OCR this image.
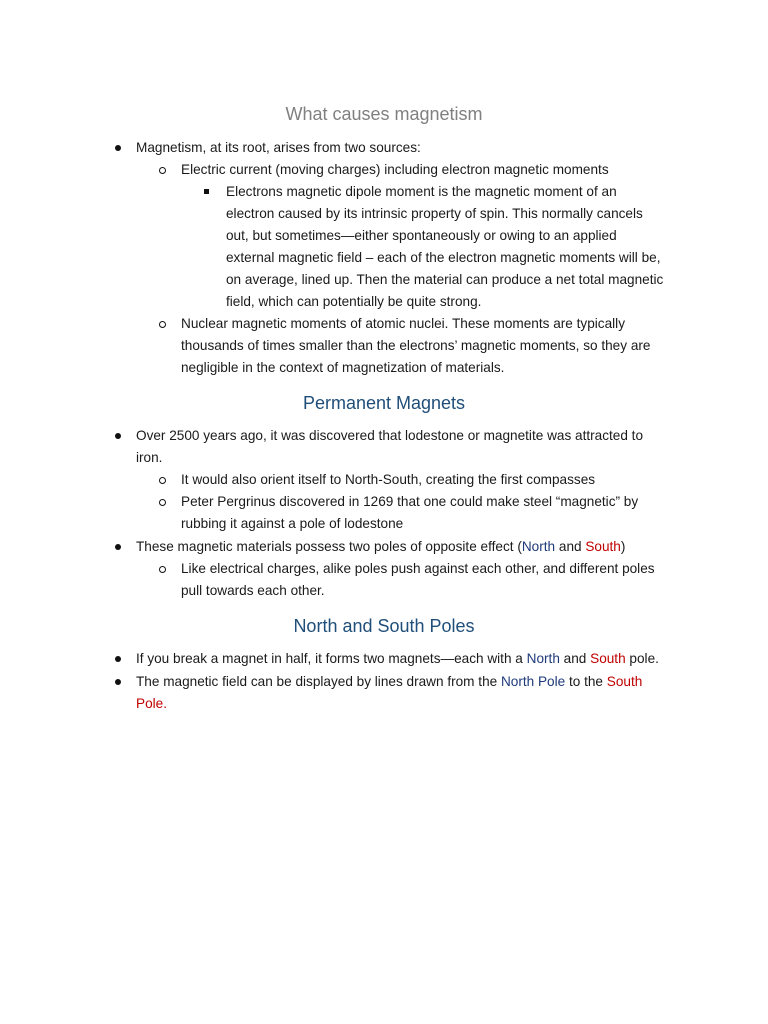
What causes magnetism
Magnetism, at its root, arises from two sources:
Electric current (moving charges) including electron magnetic moments
Electrons magnetic dipole moment is the magnetic moment of an
electron caused by its intrinsic property of spin. This normally cancels
out, but sometimes—either spontaneously or owing to an applied
external magnetic field – each of the electron magnetic moments will be,
on average, lined up. Then the material can produce a net total magnetic
field, which can potentially be quite strong.
Nuclear magnetic moments of atomic nuclei. These moments are typically
thousands of times smaller than the electrons’ magnetic moments, so they are
negligible in the context of magnetization of materials.
Permanent Magnets
Over 2500 years ago, it was discovered that lodestone or magnetite was attracted to
iron.
It would also orient itself to North-South, creating the first compasses
Peter Pergrinus discovered in 1269 that one could make steel “magnetic” by
rubbing it against a pole of lodestone
These magnetic materials possess two poles of opposite effect (North and South)
Like electrical charges, alike poles push against each other, and different poles
pull towards each other.
North and South Poles
If you break a magnet in half, it forms two magnets—each with a North and South pole.
The magnetic field can be displayed by lines drawn from the North Pole to the South
Pole.
